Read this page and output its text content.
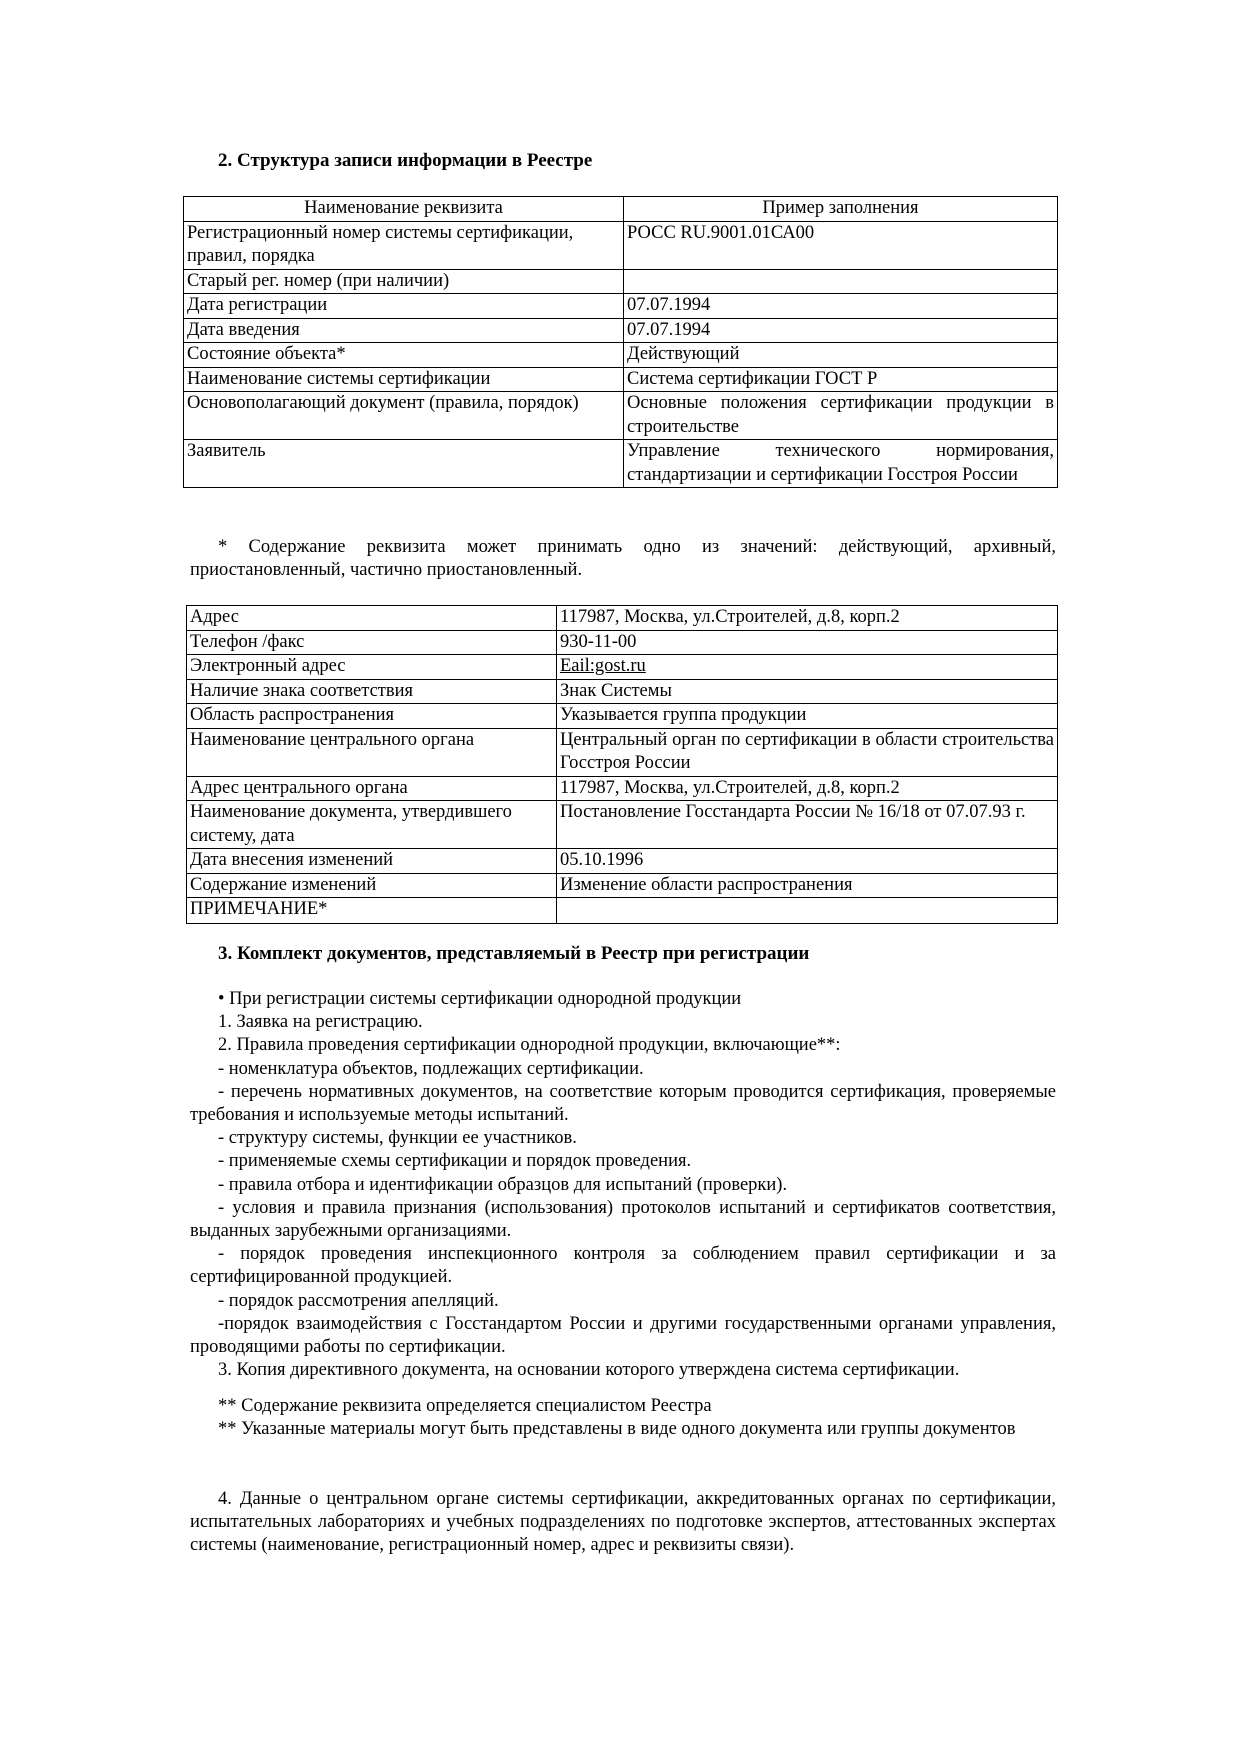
2. Структура записи информации в Реестре
Наименование реквизита	Пример заполнения
Регистрационный номер системы сертификации, правил, порядка	РОСС RU.9001.01СА00
Старый рег. номер (при наличии)	
Дата регистрации	07.07.1994
Дата введения	07.07.1994
Состояние объекта*	Действующий
Наименование системы сертификации	Система сертификации ГОСТ Р
Основополагающий документ (правила, порядок)	Основные положения сертификации продукции в строительстве
Заявитель	Управление технического нормирования, стандартизации и сертификации Госстроя России

* Содержание реквизита может принимать одно из значений: действующий, архивный, приостановленный, частично приостановленный.

Адрес	117987, Москва, ул.Строителей, д.8, корп.2
Телефон /факс	930-11-00
Электронный адрес	Eail:gost.ru
Наличие знака соответствия	Знак Системы
Область распространения	Указывается группа продукции
Наименование центрального органа	Центральный орган по сертификации в области строительства Госстроя России
Адрес центрального органа	117987, Москва, ул.Строителей, д.8, корп.2
Наименование документа, утвердившего систему, дата	Постановление Госстандарта России № 16/18 от 07.07.93 г.
Дата внесения изменений	05.10.1996
Содержание изменений	Изменение области распространения
ПРИМЕЧАНИЕ*	
3. Комплект документов, представляемый в Реестр при регистрации

• При регистрации системы сертификации однородной продукции

1. Заявка на регистрацию.

2. Правила проведения сертификации однородной продукции, включающие**:

- номенклатура объектов, подлежащих сертификации.

- перечень нормативных документов, на соответствие которым проводится сертификация, проверяемые требования и используемые методы испытаний.

- структуру системы, функции ее участников.

- применяемые схемы сертификации и порядок проведения.

- правила отбора и идентификации образцов для испытаний (проверки).

- условия и правила признания (использования) протоколов испытаний и сертификатов соответствия, выданных зарубежными организациями.

- порядок проведения инспекционного контроля за соблюдением правил сертификации и за сертифицированной продукцией.

- порядок рассмотрения апелляций.

-порядок взаимодействия с Госстандартом России и другими государственными органами управления, проводящими работы по сертификации.

3. Копия директивного документа, на основании которого утверждена система сертификации.

** Содержание реквизита определяется специалистом Реестра

** Указанные материалы могут быть представлены в виде одного документа или группы документов

4. Данные о центральном органе системы сертификации, аккредитованных органах по сертификации, испытательных лабораториях и учебных подразделениях по подготовке экспертов, аттестованных экспертах системы (наименование, регистрационный номер, адрес и реквизиты связи).
